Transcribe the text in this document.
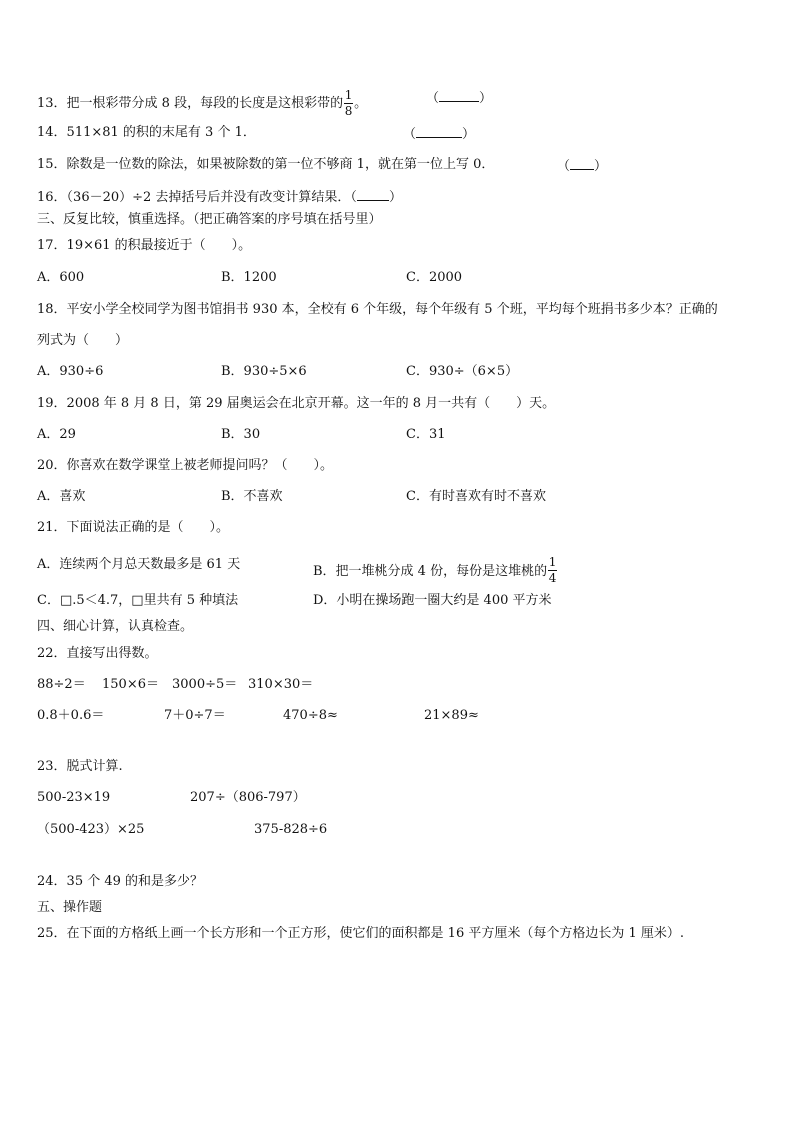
13．把一根彩带分成 8 段，每段的长度是这根彩带的 $\frac{1}{8}$ 。	（	）
14．511×81 的积的末尾有 3 个 1．	（	）
15．除数是一位数的除法，如果被除数的第一位不够商 1，就在第一位上写 0．	（ ）
16．（36－20）÷2 去掉括号后并没有改变计算结果．（ ）
三、反复比较，慎重选择。（把正确答案的序号填在括号里）
17．19×61 的积最接近于（　　）。
A．600	B．1200	C．2000
18．平安小学全校同学为图书馆捐书 930 本，全校有 6 个年级，每个年级有 5 个班，平均每个班捐书多少本？正确的
列式为（　　）
A．930÷6	B．930÷5×6	C．930÷（6×5）
19．2008 年 8 月 8 日，第 29 届奥运会在北京开幕。这一年的 8 月一共有（　　）天。
A．29	B．30	C．31
20．你喜欢在数学课堂上被老师提问吗？（　　）。
A．喜欢	B．不喜欢	C．有时喜欢有时不喜欢
21．下面说法正确的是（　　）。
A．连续两个月总天数最多是 61 天	B．把一堆桃分成 4 份，每份是这堆桃的 $\frac{1}{4}$
C．□.5＜4.7，□里共有 5 种填法	D．小明在操场跑一圈大约是 400 平方米
四、细心计算，认真检查。
22．直接写出得数。
88÷2＝ 150×6＝ 3000÷5＝ 310×30＝
0.8＋0.6＝	7＋0÷7＝	470÷8≈	21×89≈
23．脱式计算.
500-23×19	207÷（806-797）
（500-423）×25	375-828÷6
24．35 个 49 的和是多少？
五、操作题
25．在下面的方格纸上画一个长方形和一个正方形，使它们的面积都是 16 平方厘米（每个方格边长为 1 厘米）.
